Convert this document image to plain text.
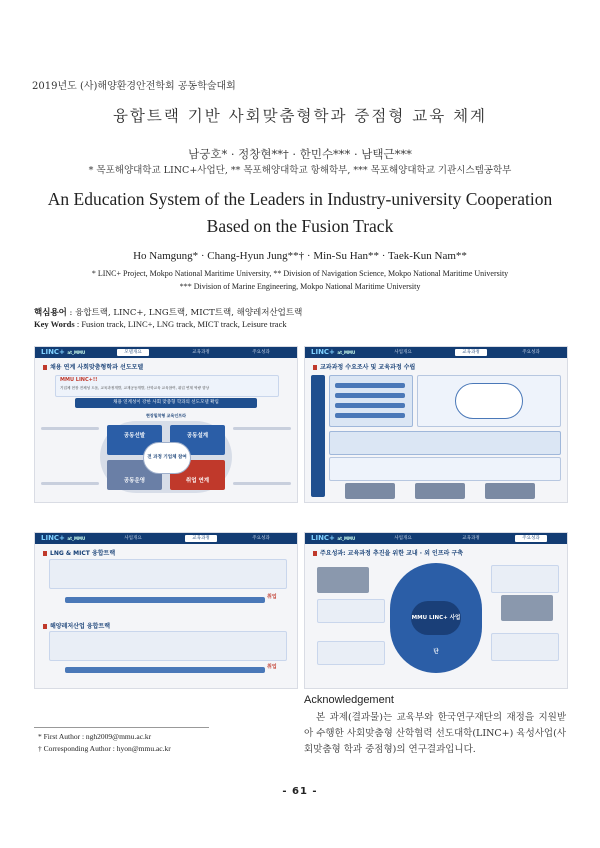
2019년도 (사)해양환경안전학회 공동학술대회
융합트랙 기반 사회맞춤형학과 중점형 교육 체계
남궁호* · 정창현**† · 한민수*** · 남택근***
* 목포해양대학교 LINC+사업단, ** 목포해양대학교 항해학부, *** 목포해양대학교 기관시스템공학부
An Education System of the Leaders in Industry-university Cooperation
Based on the Fusion Track
Ho Namgung* · Chang-Hyun Jung**† · Min-Su Han** · Taek-Kun Nam**
* LINC+ Project, Mokpo National Maritime University, ** Division of Navigation Science, Mokpo National Maritime University
*** Division of Marine Engineering, Mokpo National Maritime University
핵심용어 : 융합트랙, LINC+, LNG트랙, MICT트랙, 해양레저산업트랙
Key Words : Fusion track, LINC+, LNG track, MICT track, Leisure track
LINC+ at_MMU	모델개요	교육과정	주요성과
채용 연계 사회맞춤형학과 선도모델
MMU LINC+!!
기업체 현장 전체성 도움, 교육과정개발, 교재공동개발, 산학교육 교육참여, 취업 연계 역량 향상
채용 연계성이 강한 사회 맞춤형 학과의 선도모델 확립
현장밀착형 교육인프라
공동선발	공동설계
공동운영	취업 연계
전 과정 기업체 참여
LINC+ at_MMU	사업개요	교육과정	주요성과
교과과정 수요조사 및 교육과정 수립
LINC+ at_MMU	사업개요	교육과정	주요성과
LNG & MICT 융합트랙
취업
해양레저산업 융합트랙
취업
LINC+ at_MMU	사업개요	교육과정	주요성과
주요성과: 교육과정 추진을 위한 교내 · 외 인프라 구축
MMU LINC+ 사업단
Acknowledgement
본 과제(결과물)는 교육부와 한국연구재단의 재정을 지원받아 수행한 사회맞춤형 산학협력 선도대학(LINC+) 육성사업(사회맞춤형 학과 중점형)의 연구결과입니다.
* First Author : ngh2009@mmu.ac.kr
† Corresponding Author : hyon@mmu.ac.kr
- 61 -
